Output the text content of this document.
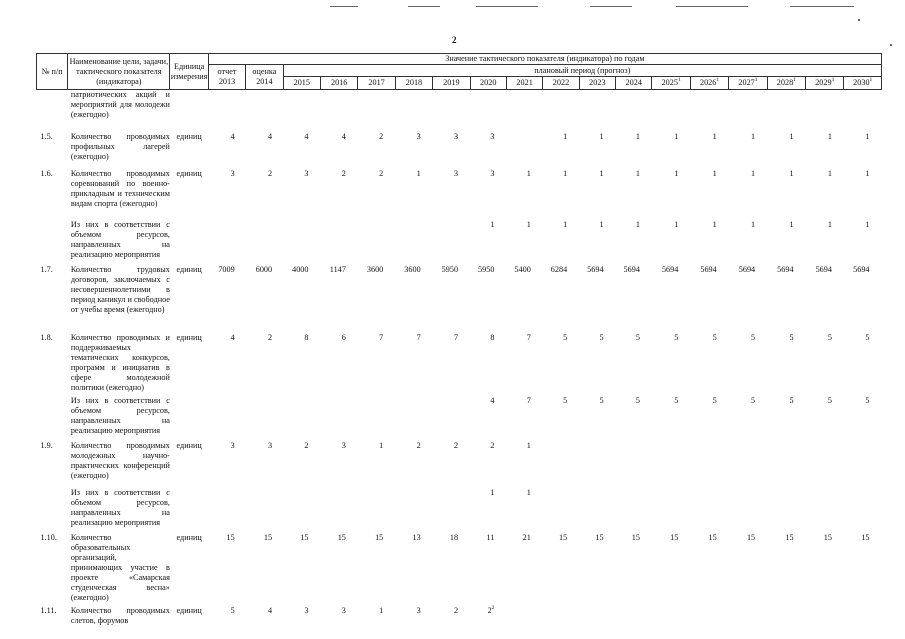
2
№ п/п	Наименование цели, задачи, тактического показателя (индикатора)	Единица измерения	Значение тактического показателя (индикатора) по годам																	
			отчет 2013	оценка 2014	плановый период (прогноз)															
					2015	2016	2017	2018	2019	2020	2021	2022	2023	2024	2025$^1$	2026$^1$	2027$^1$	2028$^1$	2029$^1$	2030$^1$
	патриотических акций и мероприятий для молодежи (ежегодно)																			
1.5.	Количество проводимых профильных лагерей (ежегодно)	единиц	4	4	4	4	2	3	3	3		1	1	1	1	1	1	1	1	1
1.6.	Количество проводимых соревнований по военно-прикладным и техническим видам спорта (ежегодно)	единиц	3	2	3	2	2	1	3	3	1	1	1	1	1	1	1	1	1	1
	Из них в соответствии с объемом ресурсов, направленных на реализацию мероприятия									1	1	1	1	1	1	1	1	1	1	1
1.7.	Количество трудовых договоров, заключаемых с несовершеннолетними в период каникул и свободное от учебы время (ежегодно)	единиц	7009	6000	4000	1147	3600	3600	5950	5950	5400	6284	5694	5694	5694	5694	5694	5694	5694	5694
1.8.	Количество проводимых и поддерживаемых тематических конкурсов, программ и инициатив в сфере молодежной политики (ежегодно)	единиц	4	2	8	6	7	7	7	8	7	5	5	5	5	5	5	5	5	5
	Из них в соответствии с объемом ресурсов, направленных на реализацию мероприятия									4	7	5	5	5	5	5	5	5	5	5
1.9.	Количество проводимых молодежных научно-практических конференций (ежегодно)	единиц	3	3	2	3	1	2	2	2	1									
	Из них в соответствии с объемом ресурсов, направленных на реализацию мероприятия									1	1									
1.10.	Количество образовательных организаций, принимающих участие в проекте «Самарская студенческая весна» (ежегодно)	единиц	15	15	15	15	15	13	18	11	21	15	15	15	15	15	15	15	15	15
1.11.	Количество проводимых слетов, форумов	единиц	5	4	3	3	1	3	2	$2^2$										
